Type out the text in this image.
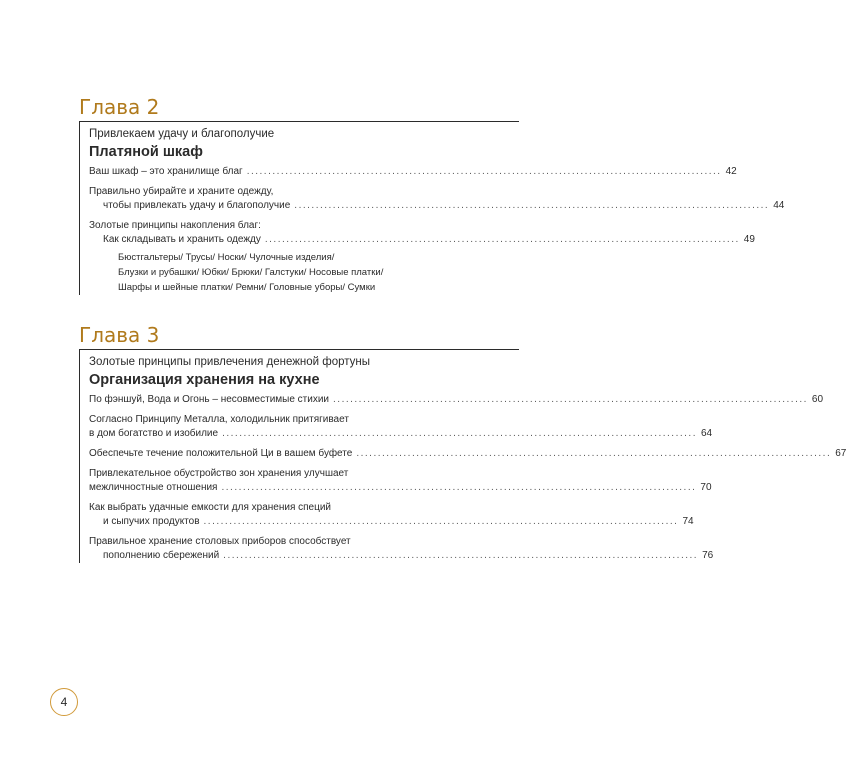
Глава 2
Привлекаем удачу и благополучие
Платяной шкаф
Ваш шкаф – это хранилище благ ............................................................................................................... 42
Правильно убирайте и храните одежду,
чтобы привлекать удачу и благополучие ............................................................................................................... 44
Золотые принципы накопления благ:
Как складывать и хранить одежду ............................................................................................................... 49
Бюстгальтеры/ Трусы/ Носки/ Чулочные изделия/
Блузки и рубашки/ Юбки/ Брюки/ Галстуки/ Носовые платки/
Шарфы и шейные платки/ Ремни/ Головные уборы/ Сумки
Глава 3
Золотые принципы привлечения денежной фортуны
Организация хранения на кухне
По фэншуй, Вода и Огонь – несовместимые стихии ............................................................................................................... 60
Согласно Принципу Металла, холодильник притягивает
в дом богатство и изобилие ............................................................................................................... 64
Обеспечьте течение положительной Ци в вашем буфете ............................................................................................................... 67
Привлекательное обустройство зон хранения улучшает
межличностные отношения ............................................................................................................... 70
Как выбрать удачные емкости для хранения специй
и сыпучих продуктов ............................................................................................................... 74
Правильное хранение столовых приборов способствует
пополнению сбережений ............................................................................................................... 76
4
